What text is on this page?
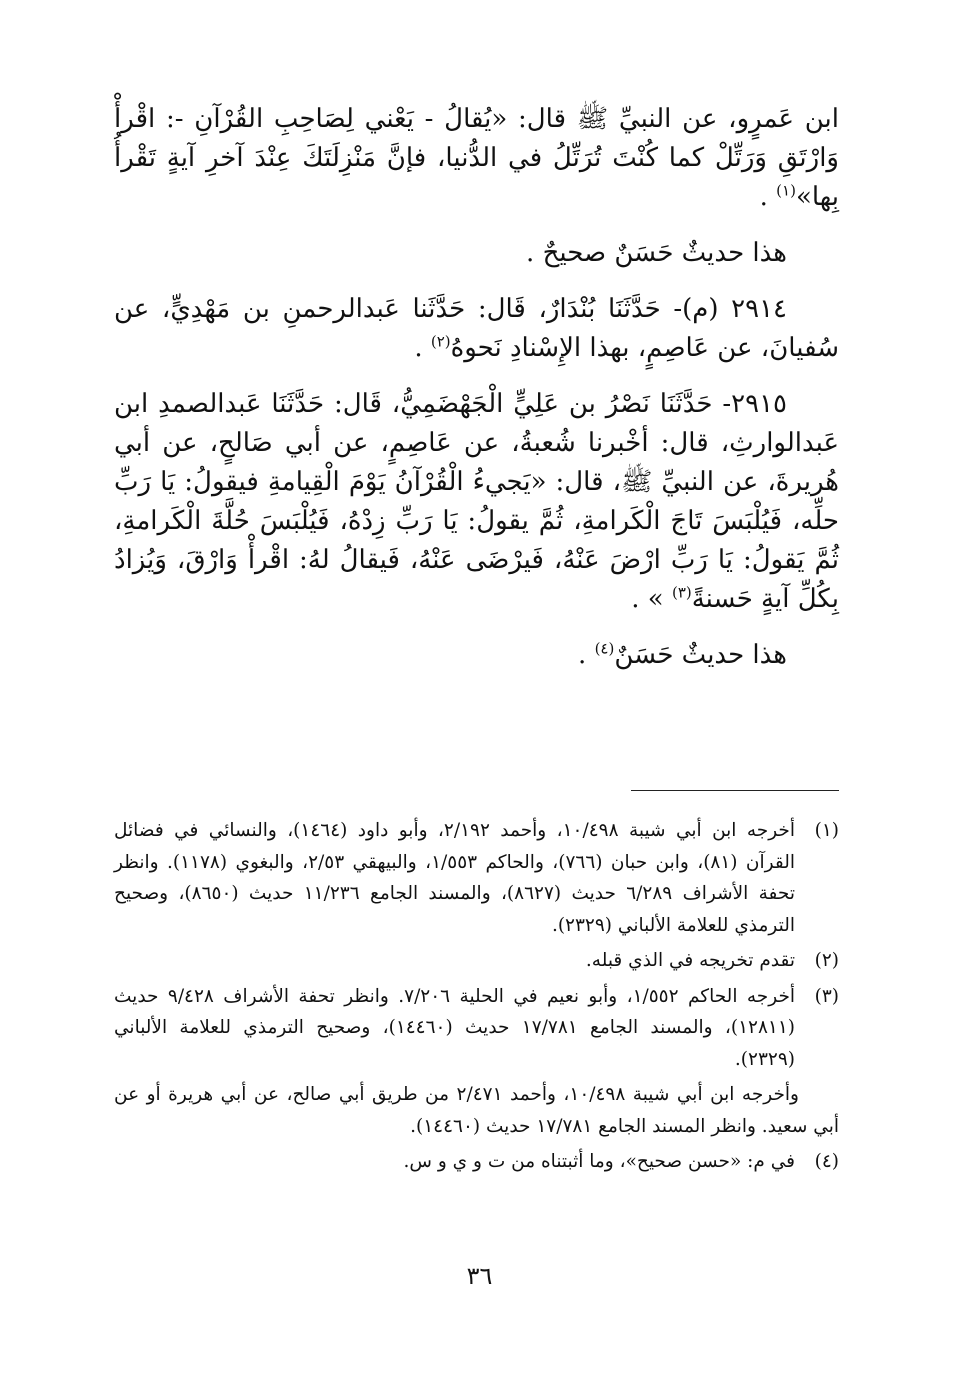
ابن عَمرٍو، عن النبيِّ ﷺ قال: «يُقالُ - يَعْني لِصَاحِبِ القُرْآنِ -: اقْرأْ وَارْتَقِ وَرَتِّلْ كما كُنْتَ تُرَتِّلُ في الدُّنيا، فإنَّ مَنْزِلَتَكَ عِنْدَ آخرِ آيةٍ تَقْرأُ بِها»$^{(١)}$ .

هذا حديثٌ حَسَنٌ صحيحٌ .

٢٩١٤ (م)- حَدَّثَنَا بُنْدَارٌ، قَال: حَدَّثَنا عَبدالرحمنِ بن مَهْدِيٍّ، عن سُفيانَ، عن عَاصِمٍ، بهذا الإِسْنادِ نَحوهُ$^{(٢)}$ .

٢٩١٥- حَدَّثَنَا نَصْرُ بن عَلِيٍّ الْجَهْضَمِيُّ، قَال: حَدَّثَنَا عَبدالصمدِ ابن عَبدالوارثِ، قال: أخْبرنا شُعبةُ، عن عَاصِمٍ، عن أبي صَالحٍ، عن أبي هُريرةَ، عن النبيِّ ﷺ، قال: «يَجيءُ الْقُرْآنُ يَوْمَ الْقِيامةِ فيقولُ: يَا رَبِّ حلِّه، فَيُلْبَسَ تَاجَ الْكَرامةِ، ثُمَّ يقولُ: يَا رَبِّ زِدْهُ، فَيُلْبَسَ حُلَّةَ الْكَرامةِ، ثُمَّ يَقولُ: يَا رَبِّ ارْضَ عَنْهُ، فَيرْضَى عَنْهُ، فَيقالُ لهُ: اقْرأْ وَارْقَ، وَيُزادُ بِكُلِّ آيةٍ حَسنةً$^{(٣)}$ » .

هذا حديثٌ حَسَنٌ$^{(٤)}$ .

(١)
أخرجه ابن أبي شيبة ١٠/٤٩٨، وأحمد ٢/١٩٢، وأبو داود (١٤٦٤)، والنسائي في فضائل القرآن (٨١)، وابن حبان (٧٦٦)، والحاكم ١/٥٥٣، والبيهقي ٢/٥٣، والبغوي (١١٧٨). وانظر تحفة الأشراف ٦/٢٨٩ حديث (٨٦٢٧)، والمسند الجامع ١١/٢٣٦ حديث (٨٦٥٠)، وصحيح الترمذي للعلامة الألباني (٢٣٢٩).
(٢)
تقدم تخريجه في الذي قبله.
(٣)
أخرجه الحاكم ١/٥٥٢، وأبو نعيم في الحلية ٧/٢٠٦. وانظر تحفة الأشراف ٩/٤٢٨ حديث (١٢٨١١)، والمسند الجامع ١٧/٧٨١ حديث (١٤٤٦٠)، وصحيح الترمذي للعلامة الألباني (٢٣٢٩).
وأخرجه ابن أبي شيبة ١٠/٤٩٨، وأحمد ٢/٤٧١ من طريق أبي صالح، عن أبي هريرة أو عن أبي سعيد. وانظر المسند الجامع ١٧/٧٨١ حديث (١٤٤٦٠).
(٤)
في م: «حسن صحيح»، وما أثبتناه من ت و ي و س.
٣٦
